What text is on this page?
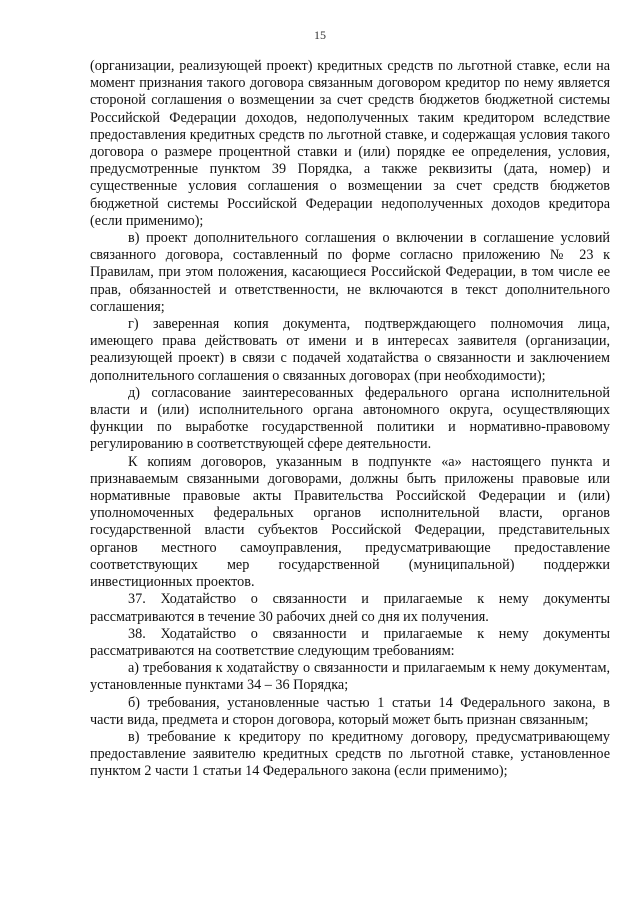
15

(организации, реализующей проект) кредитных средств по льготной ставке, если на момент признания такого договора связанным договором кредитор по нему является стороной соглашения о возмещении за счет средств бюджетов бюджетной системы Российской Федерации доходов, недополученных таким кредитором вследствие предоставления кредитных средств по льготной ставке, и содержащая условия такого договора о размере процентной ставки и (или) порядке ее определения, условия, предусмотренные пунктом 39 Порядка, а также реквизиты (дата, номер) и существенные условия соглашения о возмещении за счет средств бюджетов бюджетной системы Российской Федерации недополученных доходов кредитора (если применимо);

в) проект дополнительного соглашения о включении в соглашение условий связанного договора, составленный по форме согласно приложению № 23 к Правилам, при этом положения, касающиеся Российской Федерации, в том числе ее прав, обязанностей и ответственности, не включаются в текст дополнительного соглашения;

г) заверенная копия документа, подтверждающего полномочия лица, имеющего права действовать от имени и в интересах заявителя (организации, реализующей проект) в связи с подачей ходатайства о связанности и заключением дополнительного соглашения о связанных договорах (при необходимости);

д) согласование заинтересованных федерального органа исполнительной власти и (или) исполнительного органа автономного округа, осуществляющих функции по выработке государственной политики и нормативно-правовому регулированию в соответствующей сфере деятельности.

К копиям договоров, указанным в подпункте «а» настоящего пункта и признаваемым связанными договорами, должны быть приложены правовые или нормативные правовые акты Правительства Российской Федерации и (или) уполномоченных федеральных органов исполнительной власти, органов государственной власти субъектов Российской Федерации, представительных органов местного самоуправления, предусматривающие предоставление соответствующих мер государственной (муниципальной) поддержки инвестиционных проектов.

37. Ходатайство о связанности и прилагаемые к нему документы рассматриваются в течение 30 рабочих дней со дня их получения.

38. Ходатайство о связанности и прилагаемые к нему документы рассматриваются на соответствие следующим требованиям:

а) требования к ходатайству о связанности и прилагаемым к нему документам, установленные пунктами 34 – 36 Порядка;

б) требования, установленные частью 1 статьи 14 Федерального закона, в части вида, предмета и сторон договора, который может быть признан связанным;

в) требование к кредитору по кредитному договору, предусматривающему предоставление заявителю кредитных средств по льготной ставке, установленное пунктом 2 части 1 статьи 14 Федерального закона (если применимо);
